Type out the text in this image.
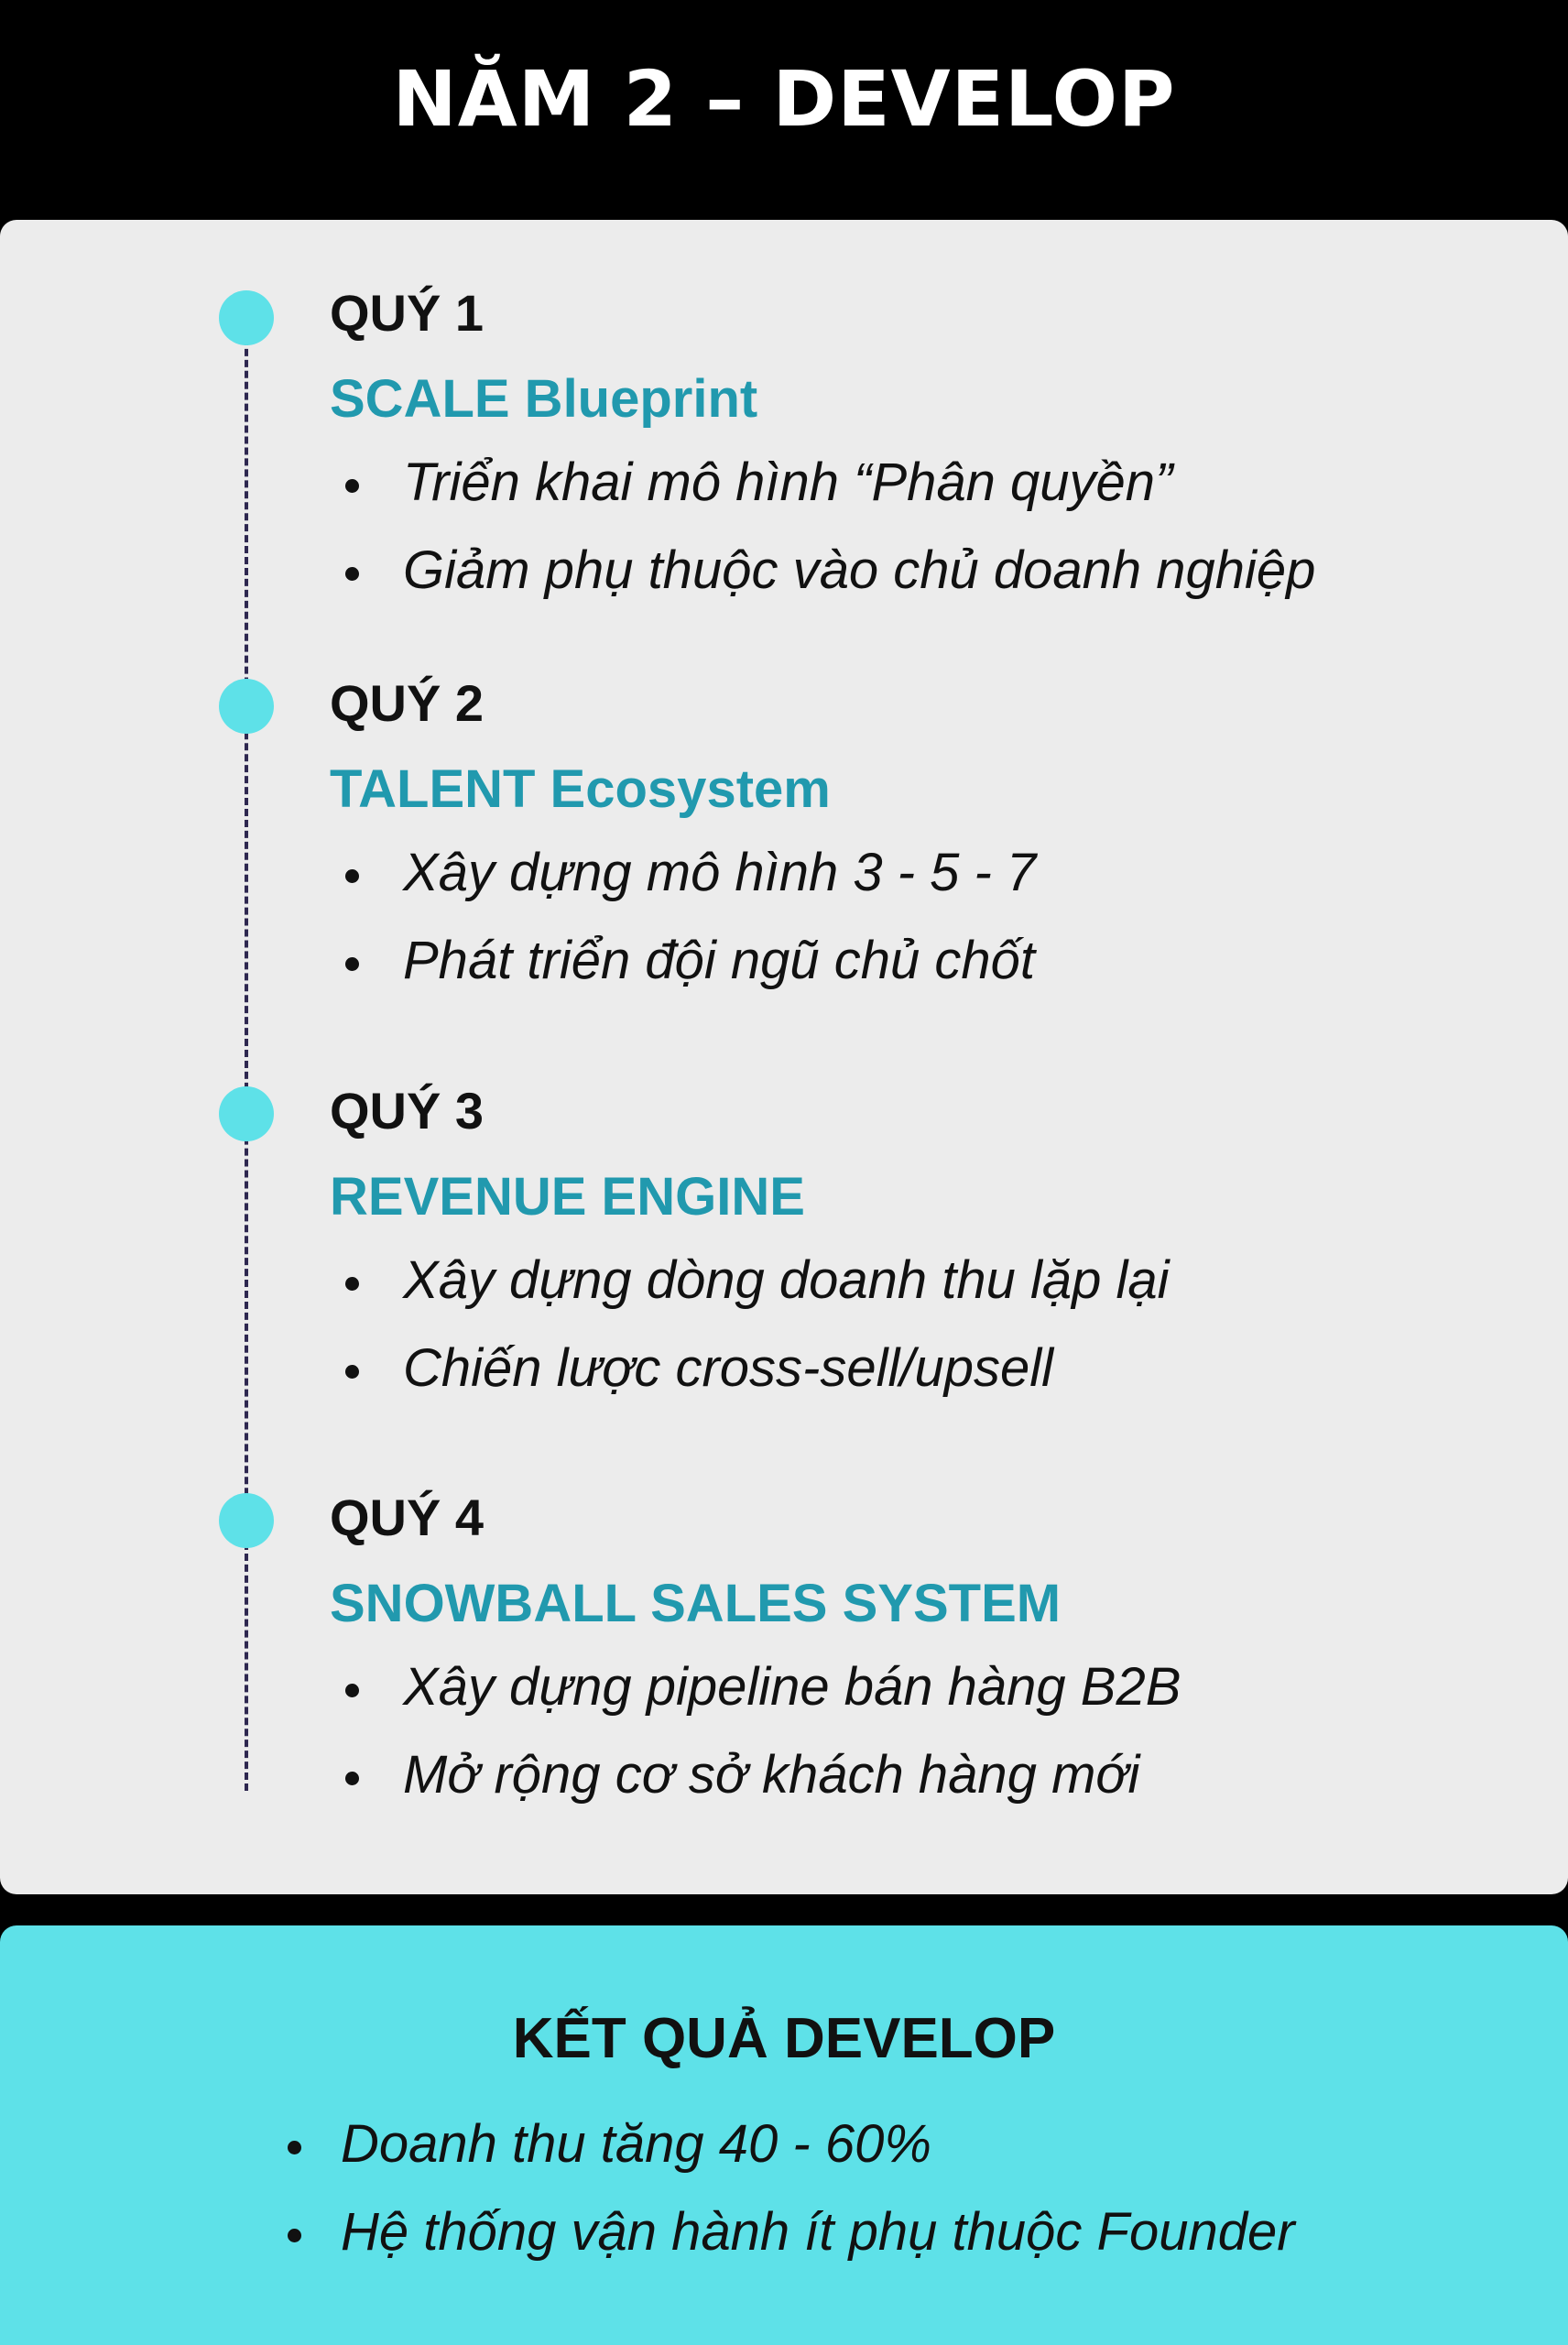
NĂM 2 – DEVELOP

QUÝ 1

SCALE Blueprint

Triển khai mô hình “Phân quyền”
Giảm phụ thuộc vào chủ doanh nghiệp

QUÝ 2

TALENT Ecosystem

Xây dựng mô hình 3 - 5 - 7
Phát triển đội ngũ chủ chốt

QUÝ 3

REVENUE ENGINE

Xây dựng dòng doanh thu lặp lại
Chiến lược cross-sell/upsell

QUÝ 4

SNOWBALL SALES SYSTEM

Xây dựng pipeline bán hàng B2B
Mở rộng cơ sở khách hàng mới

KẾT QUẢ DEVELOP

Doanh thu tăng 40 - 60%
Hệ thống vận hành ít phụ thuộc Founder
